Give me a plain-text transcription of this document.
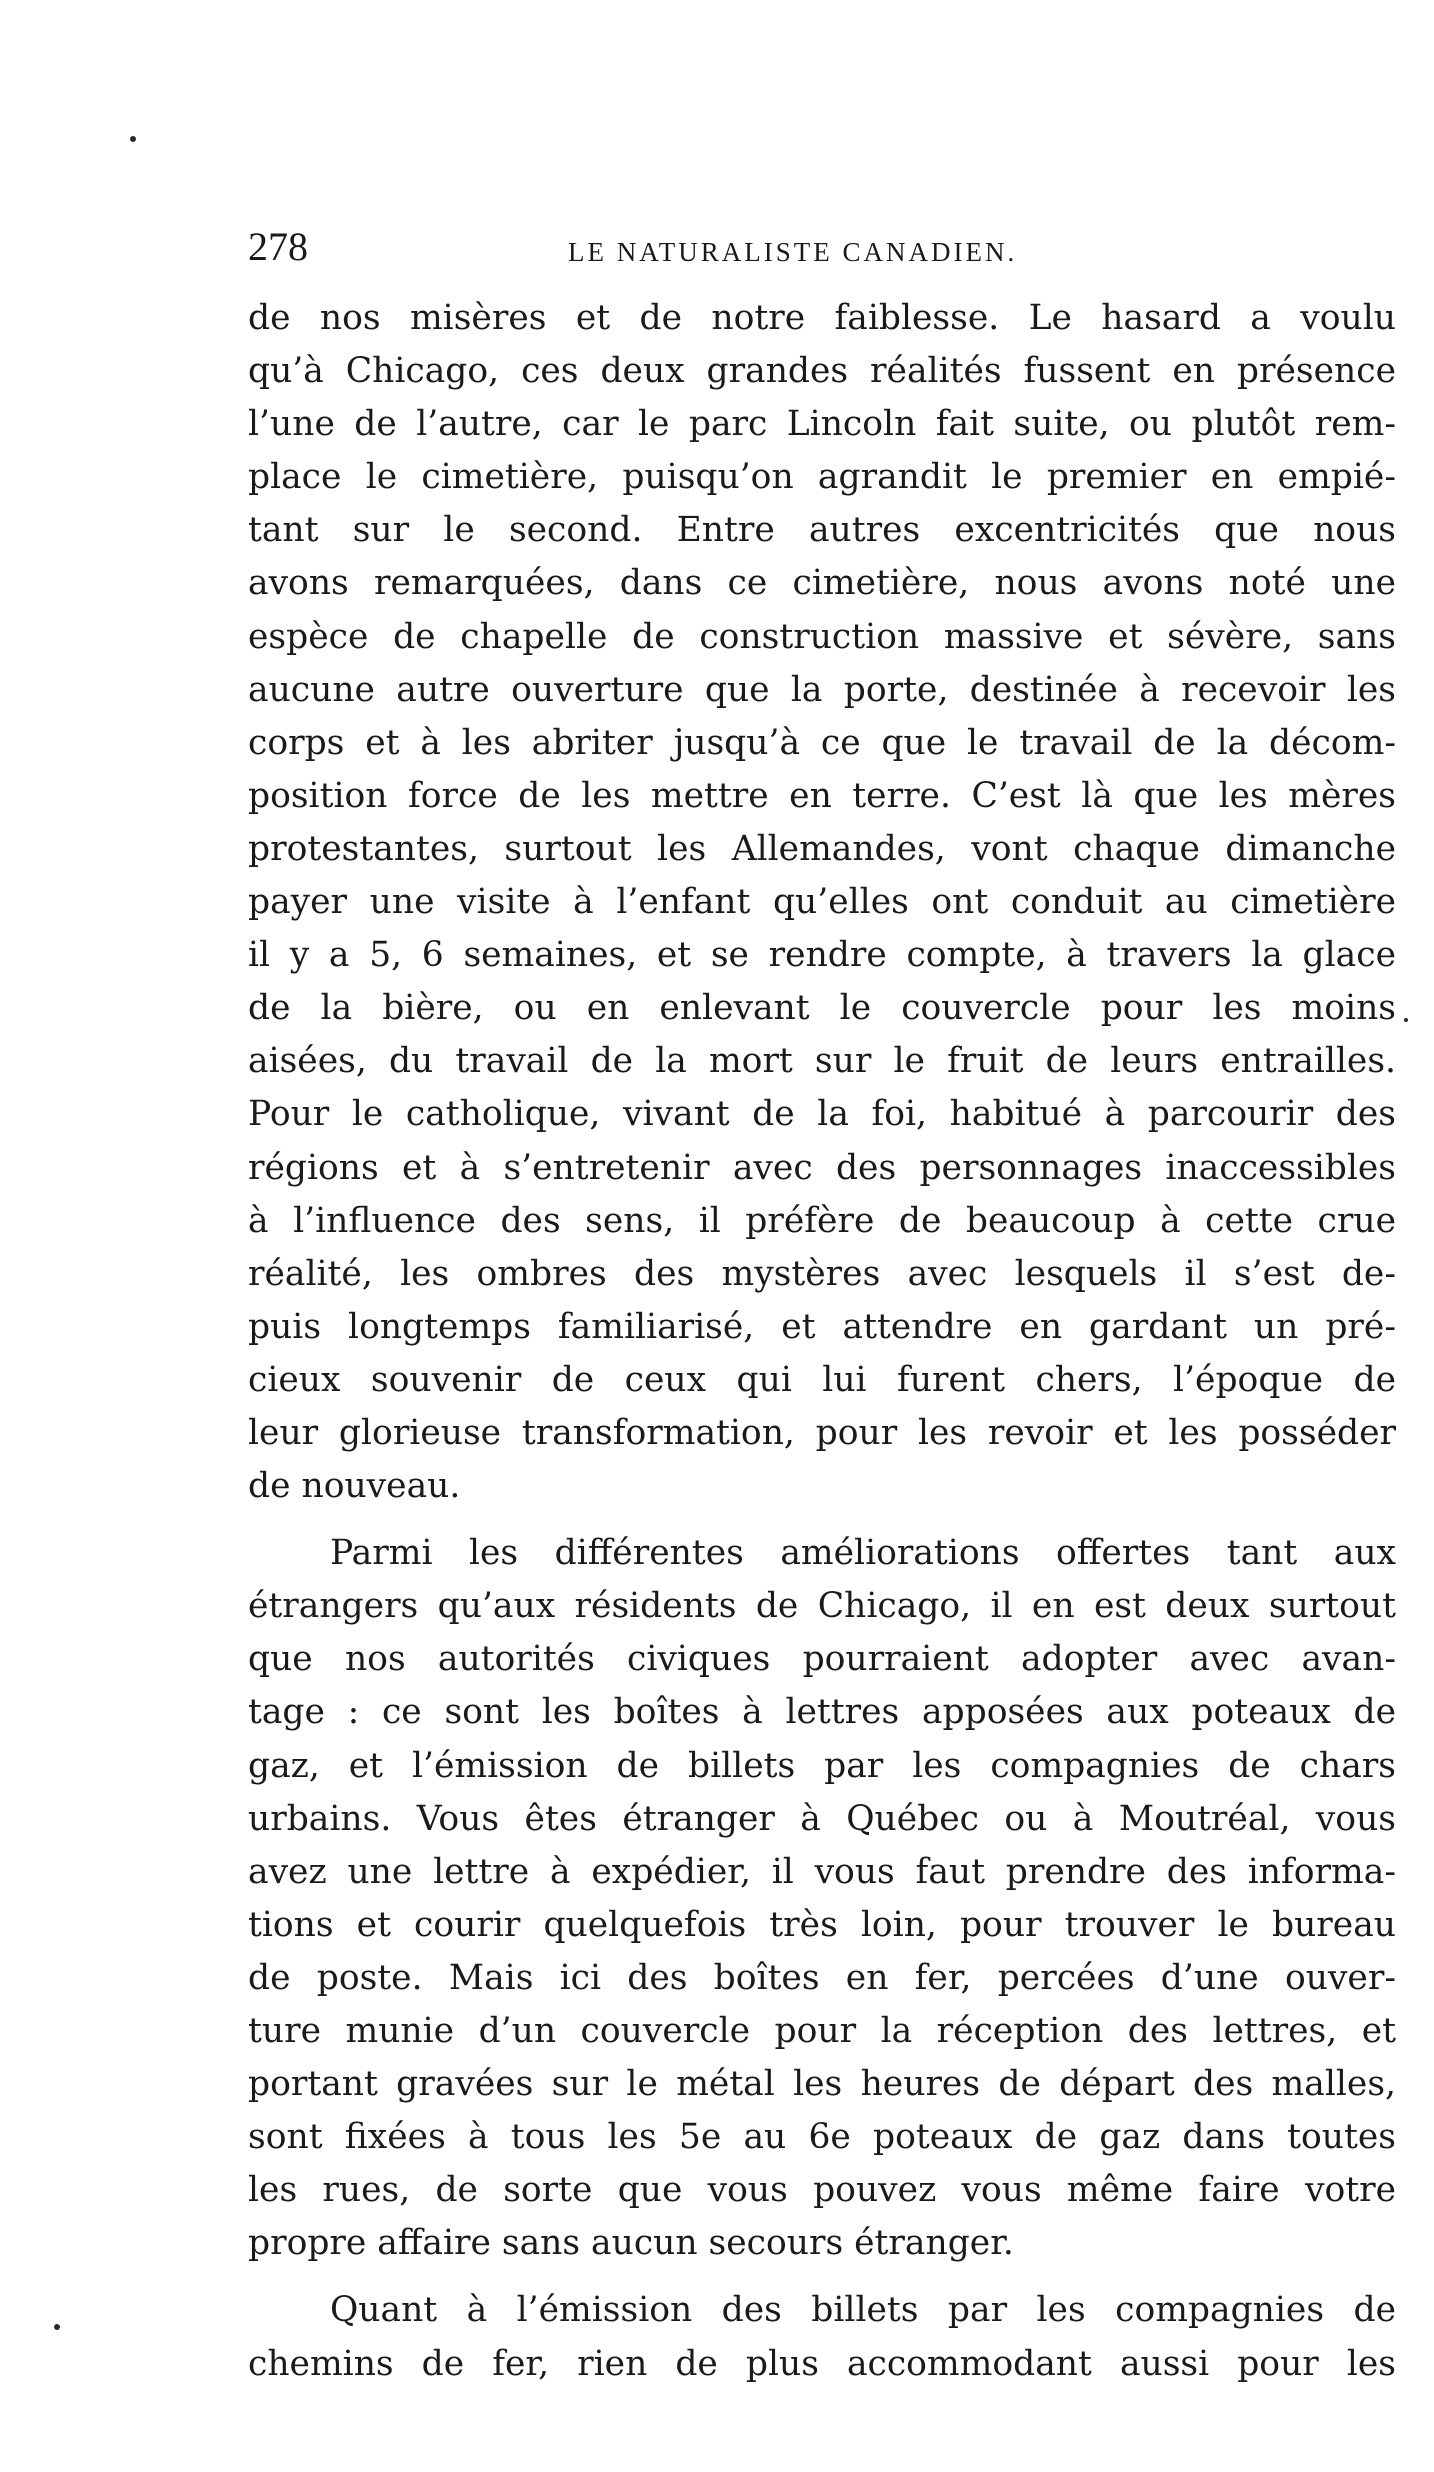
278	LE NATURALISTE CANADIEN.
de nos misères et de notre faiblesse. Le hasard a voulu
qu’à Chicago, ces deux grandes réalités fussent en présence
l’une de l’autre, car le parc Lincoln fait suite, ou plutôt rem-
place le cimetière, puisqu’on agrandit le premier en empié-
tant sur le second. Entre autres excentricités que nous
avons remarquées, dans ce cimetière, nous avons noté une
espèce de chapelle de construction massive et sévère, sans
aucune autre ouverture que la porte, destinée à recevoir les
corps et à les abriter jusqu’à ce que le travail de la décom-
position force de les mettre en terre. C’est là que les mères
protestantes, surtout les Allemandes, vont chaque dimanche
payer une visite à l’enfant qu’elles ont conduit au cimetière
il y a 5, 6 semaines, et se rendre compte, à travers la glace
de la bière, ou en enlevant le couvercle pour les moins
aisées, du travail de la mort sur le fruit de leurs entrailles.
Pour le catholique, vivant de la foi, habitué à parcourir des
régions et à s’entretenir avec des personnages inaccessibles
à l’influence des sens, il préfère de beaucoup à cette crue
réalité, les ombres des mystères avec lesquels il s’est de-
puis longtemps familiarisé, et attendre en gardant un pré-
cieux souvenir de ceux qui lui furent chers, l’époque de
leur glorieuse transformation, pour les revoir et les posséder
de nouveau.
Parmi les différentes améliorations offertes tant aux
étrangers qu’aux résidents de Chicago, il en est deux surtout
que nos autorités civiques pourraient adopter avec avan-
tage : ce sont les boîtes à lettres apposées aux poteaux de
gaz, et l’émission de billets par les compagnies de chars
urbains. Vous êtes étranger à Québec ou à Moutréal, vous
avez une lettre à expédier, il vous faut prendre des informa-
tions et courir quelquefois très loin, pour trouver le bureau
de poste. Mais ici des boîtes en fer, percées d’une ouver-
ture munie d’un couvercle pour la réception des lettres, et
portant gravées sur le métal les heures de départ des malles,
sont fixées à tous les 5e au 6e poteaux de gaz dans toutes
les rues, de sorte que vous pouvez vous même faire votre
propre affaire sans aucun secours étranger.
Quant à l’émission des billets par les compagnies de
chemins de fer, rien de plus accommodant aussi pour les
